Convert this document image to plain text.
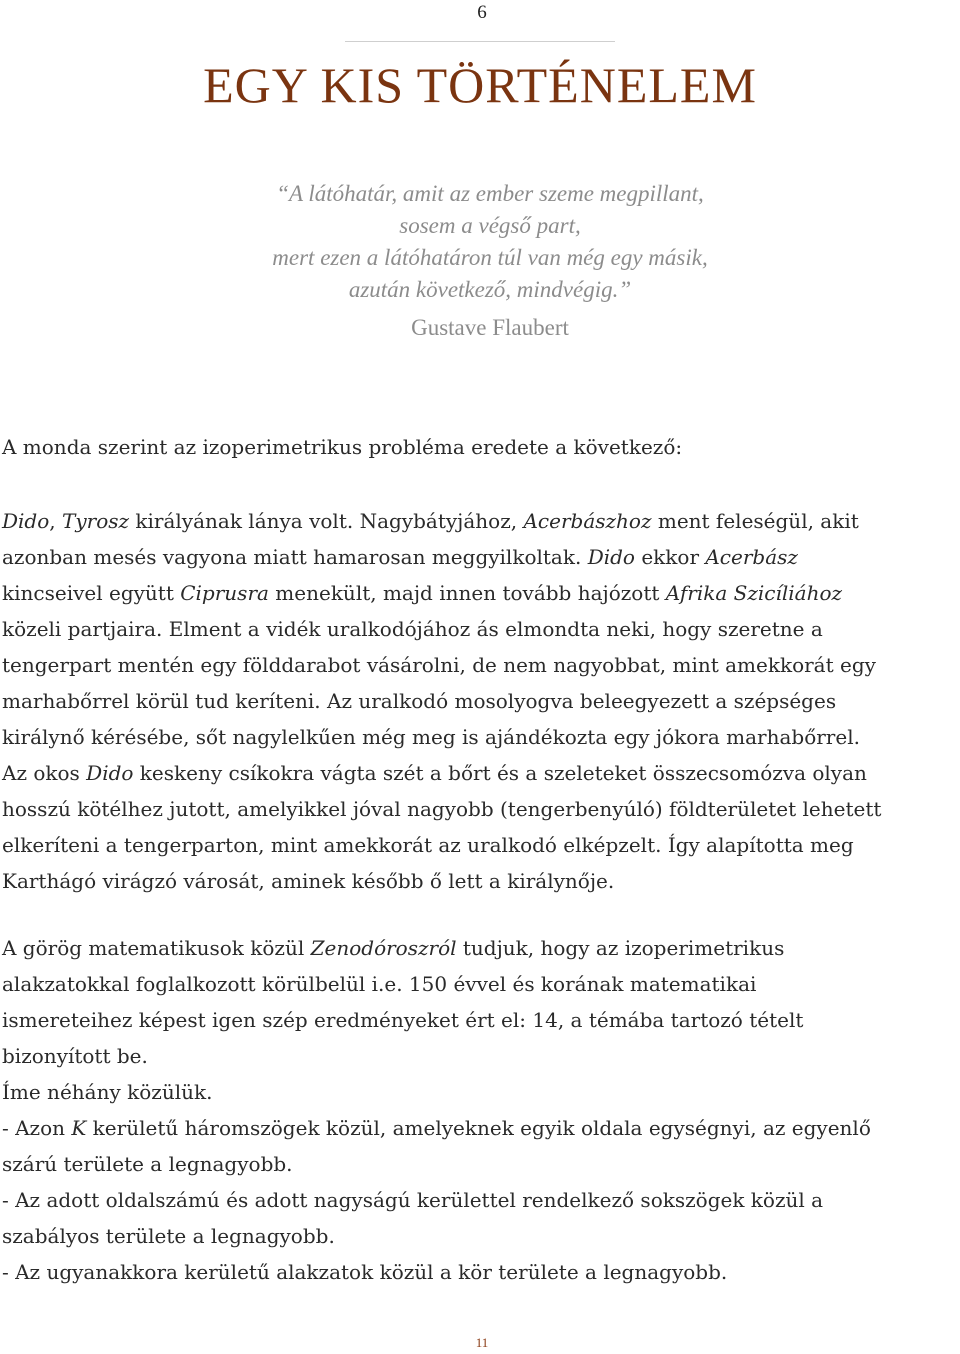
6
EGY KIS TÖRTÉNELEM
“A látóhatár, amit az ember szeme megpillant,
sosem a végső part,
mert ezen a látóhatáron túl van még egy másik,
azután következő, mindvégig.”
Gustave Flaubert
A monda szerint az izoperimetrikus probléma eredete a következő:
Dido, Tyrosz királyának lánya volt. Nagybátyjához, Acerbászhoz ment feleségül, akit
azonban mesés vagyona miatt hamarosan meggyilkoltak. Dido ekkor Acerbász
kincseivel együtt Ciprusra menekült, majd innen tovább hajózott Afrika Szicíliához
közeli partjaira. Elment a vidék uralkodójához ás elmondta neki, hogy szeretne a
tengerpart mentén egy földdarabot vásárolni, de nem nagyobbat, mint amekkorát egy
marhabőrrel körül tud keríteni. Az uralkodó mosolyogva beleegyezett a szépséges
királynő kérésébe, sőt nagylelkűen még meg is ajándékozta egy jókora marhabőrrel.
Az okos Dido keskeny csíkokra vágta szét a bőrt és a szeleteket összecsomózva olyan
hosszú kötélhez jutott, amelyikkel jóval nagyobb (tengerbenyúló) földterületet lehetett
elkeríteni a tengerparton, mint amekkorát az uralkodó elképzelt. Így alapította meg
Karthágó virágzó városát, aminek később ő lett a királynője.
A görög matematikusok közül Zenodóroszról tudjuk, hogy az izoperimetrikus
alakzatokkal foglalkozott körülbelül i.e. 150 évvel és korának matematikai
ismereteihez képest igen szép eredményeket ért el: 14, a témába tartozó tételt
bizonyított be.
Íme néhány közülük.
- Azon K kerületű háromszögek közül, amelyeknek egyik oldala egységnyi, az egyenlő
szárú területe a legnagyobb.
- Az adott oldalszámú és adott nagyságú kerülettel rendelkező sokszögek közül a
szabályos területe a legnagyobb.
- Az ugyanakkora kerületű alakzatok közül a kör területe a legnagyobb.
11
